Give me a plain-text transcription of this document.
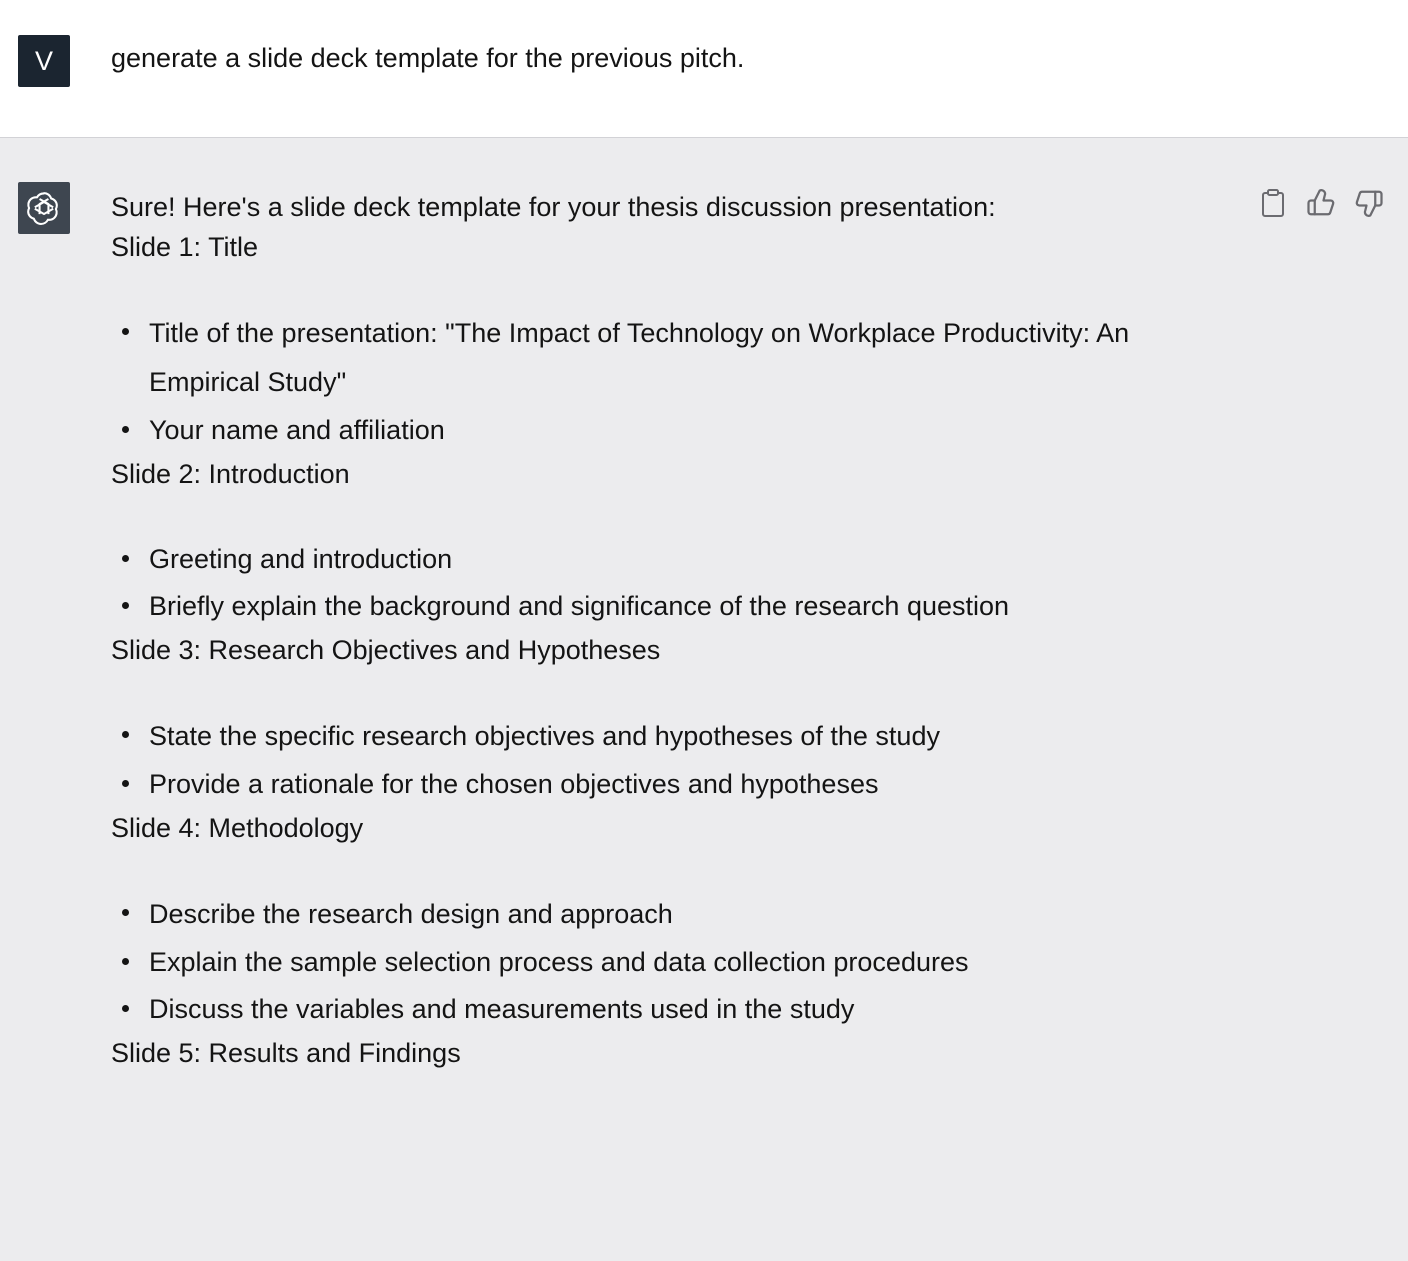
V generate a slide deck template for the previous pitch.

Sure! Here's a slide deck template for your thesis discussion presentation:

Slide 1: Title

Title of the presentation: "The Impact of Technology on Workplace Productivity: An Empirical Study"
Your name and affiliation

Slide 2: Introduction

Greeting and introduction
Briefly explain the background and significance of the research question

Slide 3: Research Objectives and Hypotheses

State the specific research objectives and hypotheses of the study
Provide a rationale for the chosen objectives and hypotheses

Slide 4: Methodology

Describe the research design and approach
Explain the sample selection process and data collection procedures
Discuss the variables and measurements used in the study

Slide 5: Results and Findings
